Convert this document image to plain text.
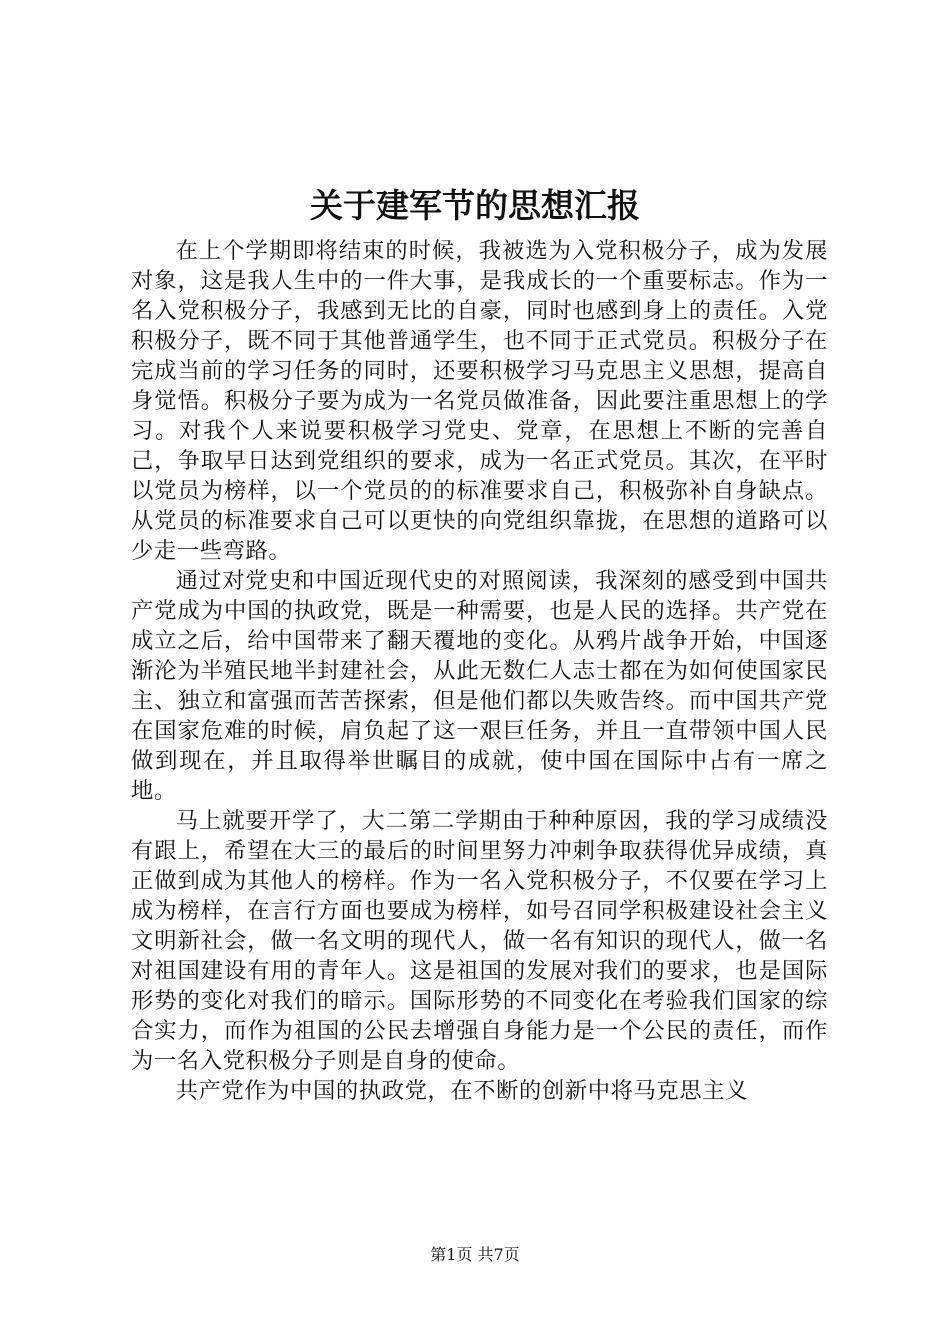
关于建军节的思想汇报

在上个学期即将结束的时候，我被选为入党积极分子，成为发展对象，这是我人生中的一件大事，是我成长的一个重要标志。作为一名入党积极分子，我感到无比的自豪，同时也感到身上的责任。入党积极分子，既不同于其他普通学生，也不同于正式党员。积极分子在完成当前的学习任务的同时，还要积极学习马克思主义思想，提高自身觉悟。积极分子要为成为一名党员做准备，因此要注重思想上的学习。对我个人来说要积极学习党史、党章，在思想上不断的完善自己，争取早日达到党组织的要求，成为一名正式党员。其次，在平时以党员为榜样，以一个党员的的标准要求自己，积极弥补自身缺点。从党员的标准要求自己可以更快的向党组织靠拢，在思想的道路可以少走一些弯路。

通过对党史和中国近现代史的对照阅读，我深刻的感受到中国共产党成为中国的执政党，既是一种需要，也是人民的选择。共产党在成立之后，给中国带来了翻天覆地的变化。从鸦片战争开始，中国逐渐沦为半殖民地半封建社会，从此无数仁人志士都在为如何使国家民主、独立和富强而苦苦探索，但是他们都以失败告终。而中国共产党在国家危难的时候，肩负起了这一艰巨任务，并且一直带领中国人民做到现在，并且取得举世瞩目的成就，使中国在国际中占有一席之地。

马上就要开学了，大二第二学期由于种种原因，我的学习成绩没有跟上，希望在大三的最后的时间里努力冲刺争取获得优异成绩，真正做到成为其他人的榜样。作为一名入党积极分子，不仅要在学习上成为榜样，在言行方面也要成为榜样，如号召同学积极建设社会主义文明新社会，做一名文明的现代人，做一名有知识的现代人，做一名对祖国建设有用的青年人。这是祖国的发展对我们的要求，也是国际形势的变化对我们的暗示。国际形势的不同变化在考验我们国家的综合实力，而作为祖国的公民去增强自身能力是一个公民的责任，而作为一名入党积极分子则是自身的使命。

共产党作为中国的执政党，在不断的创新中将马克思主义

第1页 共7页
